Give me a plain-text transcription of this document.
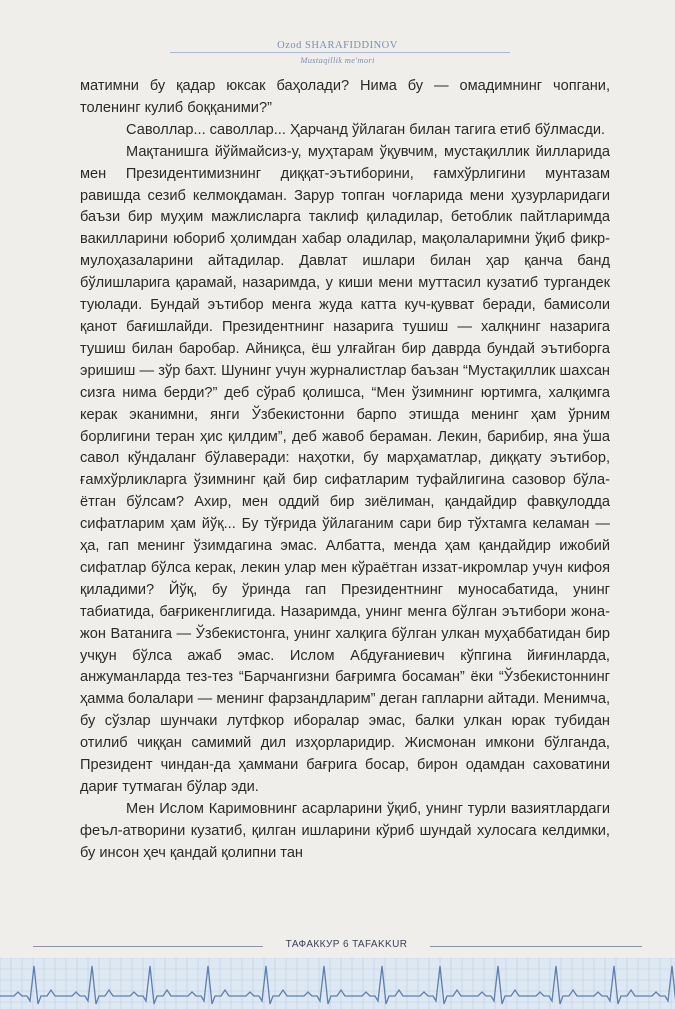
Ozod SHARAFIDDINOV
Mustaqillik me'mori

матимни бу қадар юксак баҳолади? Нима бу — омадимнинг чопгани, толенинг кулиб боққаними?”

Саволлар... саволлар... Ҳарчанд ўйлаган билан тагига етиб бўлмасди.

Мақтанишга йўймайсиз-у, муҳтарам ўқувчим, мустақиллик йилларида мен Президентимизнинг диққат-эътиборини, ғамхўрлигини мунтазам равишда сезиб келмоқдаман. Зарур топган чоғларида мени ҳузурларидаги баъзи бир муҳим мажлисларга таклиф қиладилар, бетоблик пайтларимда вакилларини юбориб ҳолимдан хабар оладилар, мақолаларимни ўқиб фикр-мулоҳазаларини айтадилар. Давлат ишлари билан ҳар қанча банд бўлишларига қарамай, назаримда, у киши мени муттасил кузатиб тургандек туюлади. Бундай эътибор менга жуда катта куч-қувват беради, бамисоли қанот бағишлайди. Президентнинг назарига тушиш — халқнинг назарига тушиш билан баробар. Айниқса, ёш улғайган бир даврда бундай эътиборга эришиш — зўр бахт. Шунинг учун журналистлар баъзан “Мустақиллик шахсан сизга нима берди?” деб сўраб қолишса, “Мен ўзимнинг юртимга, халқимга керак эканимни, янги Ўзбекистонни барпо этишда менинг ҳам ўрним борлигини теран ҳис қилдим”, деб жавоб бераман. Лекин, барибир, яна ўша савол кўндаланг бўлаверади: наҳотки, бу марҳаматлар, диққату эътибор, ғамхўрликларга ўзимнинг қай бир сифатларим туфайлигина сазовор бўлаётган бўлсам? Ахир, мен оддий бир зиёлиман, қандайдир фавқулодда сифатларим ҳам йўқ... Бу тўғрида ўйлаганим сари бир тўхтамга келаман — ҳа, гап менинг ўзимдагина эмас. Албатта, менда ҳам қандайдир ижобий сифатлар бўлса керак, лекин улар мен кўраётган иззат-икромлар учун кифоя қиладими? Йўқ, бу ўринда гап Президентнинг муносабатида, унинг табиатида, бағрикенглигида. Назаримда, унинг менга бўлган эътибори жонажон Ватанига — Ўзбекистонга, унинг халқига бўлган улкан муҳаббатидан бир учқун бўлса ажаб эмас. Ислом Абдуғаниевич кўпгина йиғинларда, анжуманларда тез-тез “Барчангизни бағримга босаман” ёки “Ўзбекистоннинг ҳамма болалари — менинг фарзандларим” деган гапларни айтади. Менимча, бу сўзлар шунчаки лутфкор иборалар эмас, балки улкан юрак тубидан отилиб чиққан самимий дил изҳорларидир. Жисмонан имкони бўлганда, Президент чиндан-да ҳаммани бағрига босар, бирон одамдан саховатини дариғ тутмаган бўлар эди.

Мен Ислом Каримовнинг асарларини ўқиб, унинг турли вазиятлардаги феъл-атворини кузатиб, қилган ишларини кўриб шундай хулосага келдимки, бу инсон ҳеч қандай қолипни тан

ТАФАККУР 6 TAFAKKUR
